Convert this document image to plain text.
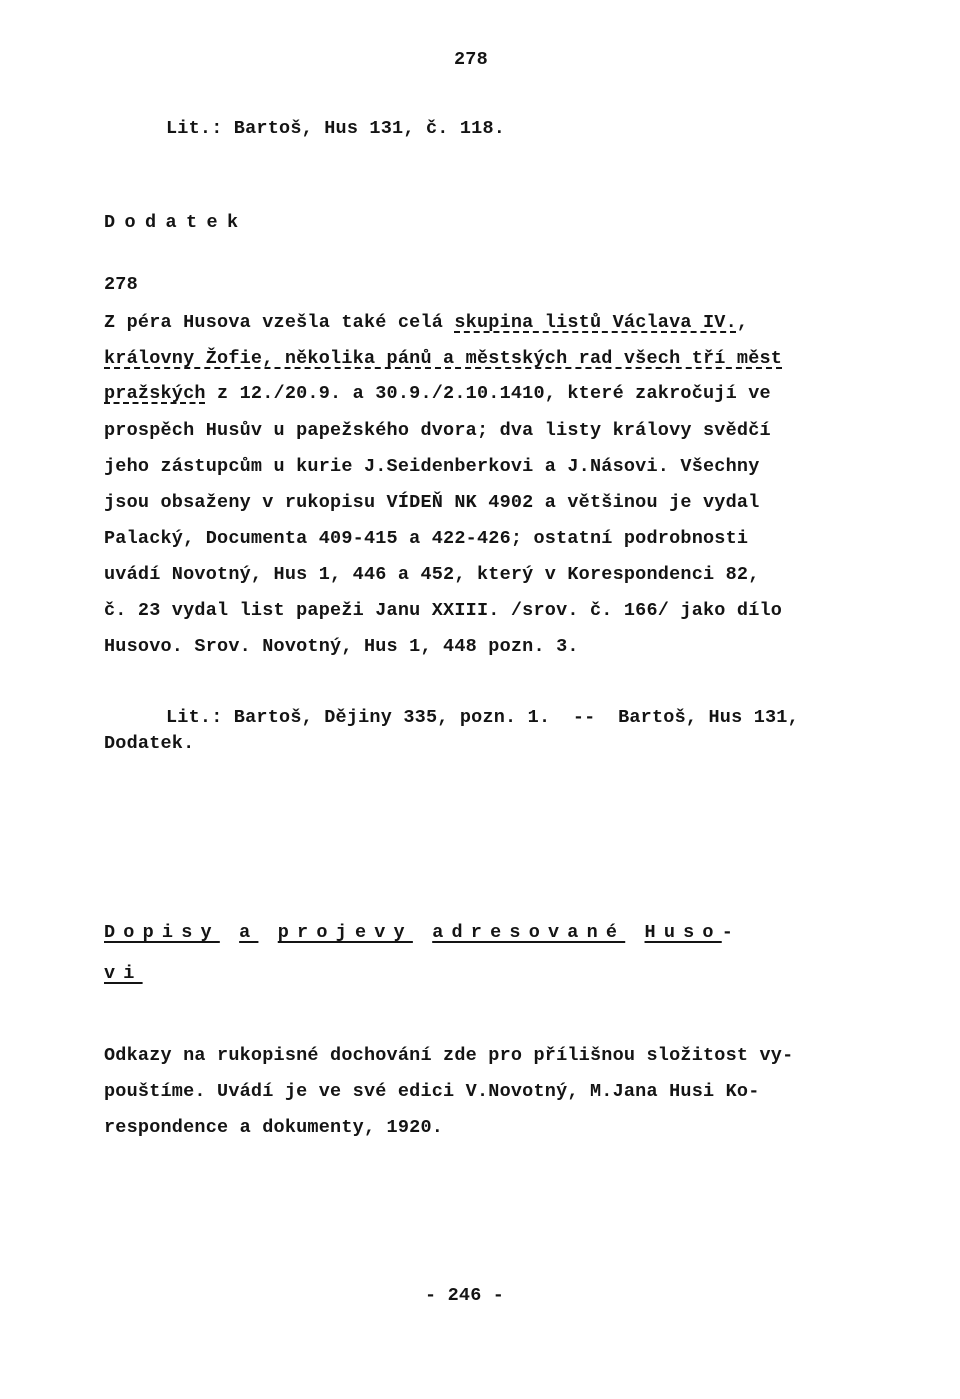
278
Lit.: Bartoš, Hus 131, č. 118.
Dodatek
278
Z péra Husova vzešla také celá skupina listů Václava IV.,
královny Žofie, několika pánů a městských rad všech tří měst
pražských z 12./20.9. a 30.9./2.10.1410, které zakročují ve
prospěch Husův u papežského dvora; dva listy královy svědčí
jeho zástupcům u kurie J.Seidenberkovi a J.Násovi. Všechny
jsou obsaženy v rukopisu VÍDEŇ NK 4902 a většinou je vydal
Palacký, Documenta 409-415 a 422-426; ostatní podrobnosti
uvádí Novotný, Hus 1, 446 a 452, který v Korespondenci 82,
č. 23 vydal list papeži Janu XXIII. /srov. č. 166/ jako dílo
Husovo. Srov. Novotný, Hus 1, 448 pozn. 3.
Lit.: Bartoš, Dějiny 335, pozn. 1.  --  Bartoš, Hus 131,
Dodatek.
Dopisy a projevy adresované Huso-
vi
Odkazy na rukopisné dochování zde pro přílišnou složitost vy-
pouštíme. Uvádí je ve své edici V.Novotný, M.Jana Husi Ko-
respondence a dokumenty, 1920.
- 246 -
